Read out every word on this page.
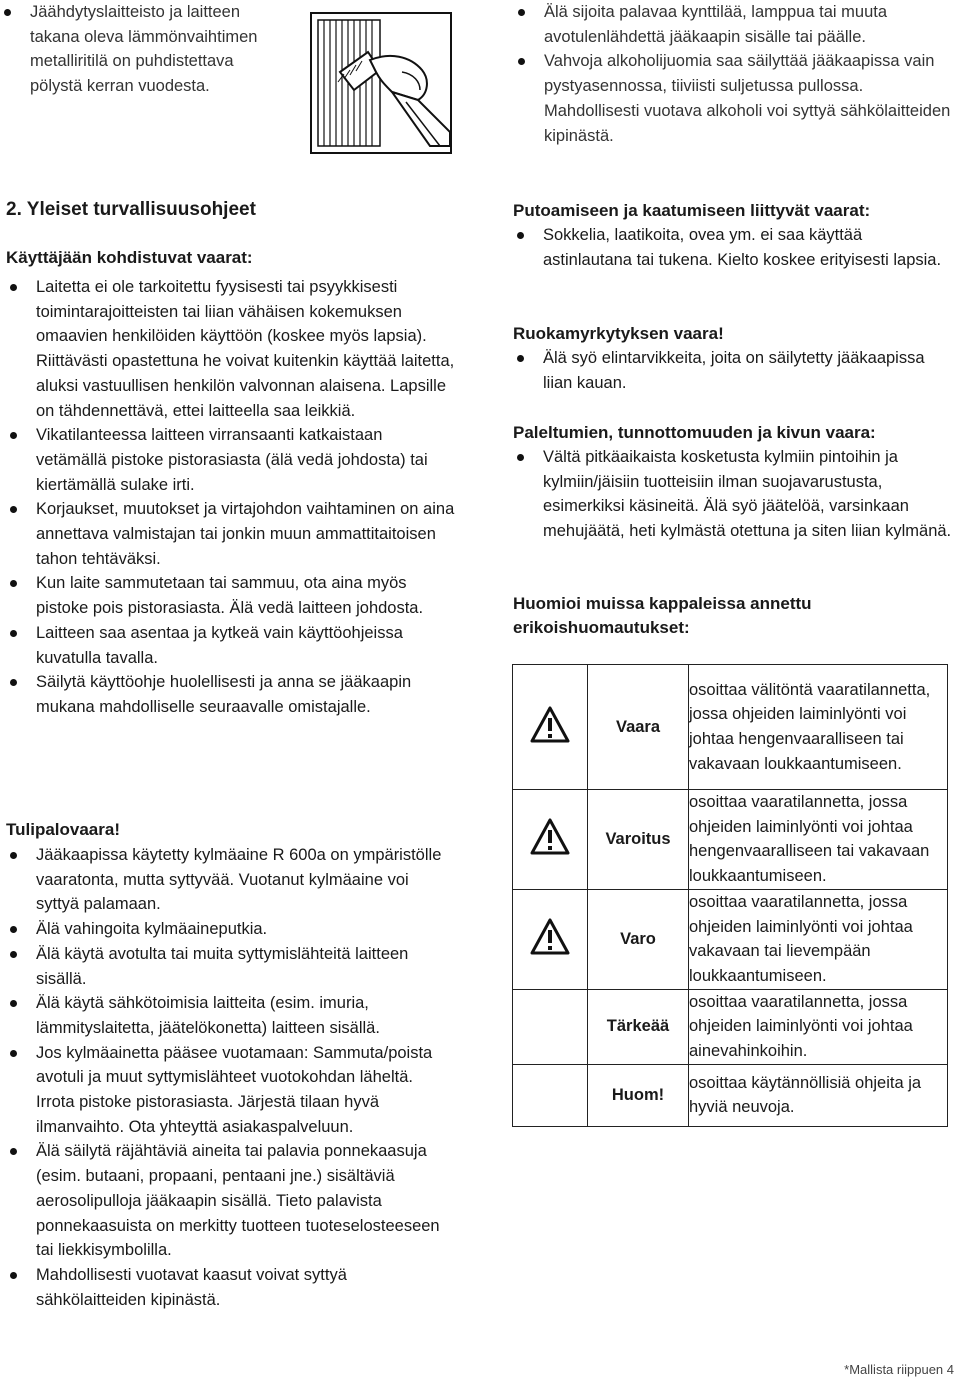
Jäähdytyslaitteisto ja laitteen takana oleva lämmönvaihtimen metalliritilä on puhdistettava pölystä kerran vuodesta.
Älä sijoita palavaa kynttilää, lamppua tai muuta avotulenlähdettä jääkaapin sisälle tai päälle.
Vahvoja alkoholijuomia saa säilyttää jääkaapissa vain pystyasennossa, tiiviisti suljetussa pullossa. Mahdollisesti vuotava alkoholi voi syttyä sähkölaitteiden kipinästä.
2. Yleiset turvallisuusohjeet
Käyttäjään kohdistuvat vaarat:
Laitetta ei ole tarkoitettu fyysisesti tai psyykkisesti toimintarajoitteisten tai liian vähäisen kokemuksen omaavien henkilöiden käyttöön (koskee myös lapsia). Riittävästi opastettuna he voivat kuitenkin käyttää laitetta, aluksi vastuullisen henkilön valvonnan alaisena. Lapsille on tähdennettävä, ettei laitteella saa leikkiä.
Vikatilanteessa laitteen virransaanti katkaistaan vetämällä pistoke pistorasiasta (älä vedä johdosta) tai kiertämällä sulake irti.
Korjaukset, muutokset ja virtajohdon vaihtaminen on aina annettava valmistajan tai jonkin muun ammattitaitoisen tahon tehtäväksi.
Kun laite sammutetaan tai sammuu, ota aina myös pistoke pois pistorasiasta. Älä vedä laitteen johdosta.
Laitteen saa asentaa ja kytkeä vain käyttöohjeissa kuvatulla tavalla.
Säilytä käyttöohje huolellisesti ja anna se jääkaapin mukana mahdolliselle seuraavalle omistajalle.
Tulipalovaara!
Jääkaapissa käytetty kylmäaine R 600a on ympäristölle vaaratonta, mutta syttyvää. Vuotanut kylmäaine voi syttyä palamaan.
Älä vahingoita kylmäaineputkia.
Älä käytä avotulta tai muita syttymislähteitä laitteen sisällä.
Älä käytä sähkötoimisia laitteita (esim. imuria, lämmityslaitetta, jäätelökonetta) laitteen sisällä.
Jos kylmäainetta pääsee vuotamaan: Sammuta/poista avotuli ja muut syttymislähteet vuotokohdan läheltä. Irrota pistoke pistorasiasta. Järjestä tilaan hyvä ilmanvaihto. Ota yhteyttä asiakaspalveluun.
Älä säilytä räjähtäviä aineita tai palavia ponnekaasuja (esim. butaani, propaani, pentaani jne.) sisältäviä aerosolipulloja jääkaapin sisällä. Tieto palavista ponnekaasuista on merkitty tuotteen tuoteselosteeseen tai liekkisymbolilla.
Mahdollisesti vuotavat kaasut voivat syttyä sähkölaitteiden kipinästä.
Putoamiseen ja kaatumiseen liittyvät vaarat:
Sokkelia, laatikoita, ovea ym. ei saa käyttää astinlautana tai tukena. Kielto koskee erityisesti lapsia.
Ruokamyrkytyksen vaara!
Älä syö elintarvikkeita, joita on säilytetty jääkaapissa liian kauan.
Paleltumien, tunnottomuuden ja kivun vaara:
Vältä pitkäaikaista kosketusta kylmiin pintoihin ja kylmiin/jäisiin tuotteisiin ilman suojavarustusta, esimerkiksi käsineitä. Älä syö jäätelöä, varsinkaan mehujäätä, heti kylmästä otettuna ja siten liian kylmänä.
Huomioi muissa kappaleissa annettu erikoishuomautukset:
	Vaara	osoittaa välitöntä vaaratilannetta, jossa ohjeiden laiminlyönti voi johtaa hengenvaaralliseen tai vakavaan loukkaantumiseen.
	Varoitus	osoittaa vaaratilannetta, jossa ohjeiden laiminlyönti voi johtaa hengenvaaralliseen tai vakavaan loukkaantumiseen.
	Varo	osoittaa vaaratilannetta, jossa ohjeiden laiminlyönti voi johtaa vakavaan tai lievempään loukkaantumiseen.
	Tärkeää	osoittaa vaaratilannetta, jossa ohjeiden laiminlyönti voi johtaa ainevahinkoihin.
	Huom!	osoittaa käytännöllisiä ohjeita ja hyviä neuvoja.
*Mallista riippuen 4
